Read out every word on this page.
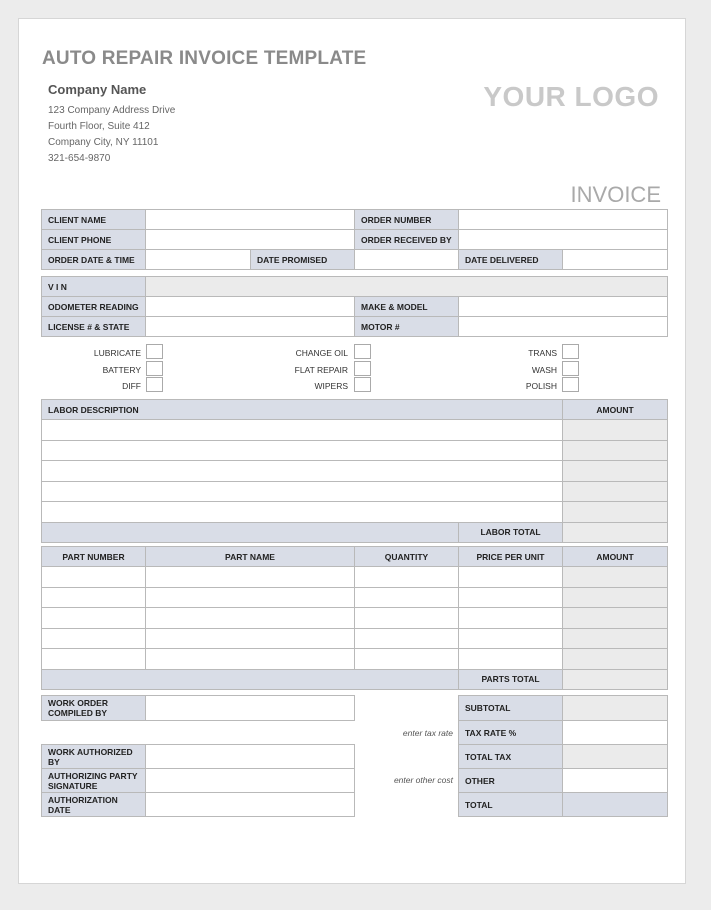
AUTO REPAIR INVOICE TEMPLATE
Company Name
123 Company Address Drive
Fourth Floor, Suite 412
Company City, NY 11101
321-654-9870
YOUR LOGO
INVOICE
CLIENT NAME			ORDER NUMBER		
CLIENT PHONE			ORDER RECEIVED BY		
ORDER DATE & TIME		DATE PROMISED		DATE DELIVERED	
V I N			
ODOMETER READING		MAKE & MODEL	
LICENSE # & STATE		MOTOR #	
LUBRICATE
BATTERY
DIFF
CHANGE OIL
FLAT REPAIR
WIPERS
TRANS
WASH
POLISH
LABOR DESCRIPTION		AMOUNT

	LABOR TOTAL	
PART NUMBER	PART NAME	QUANTITY	PRICE PER UNIT	AMOUNT

			PARTS TOTAL	
WORK ORDER COMPILED BY	
WORK AUTHORIZED BY	
AUTHORIZING PARTY SIGNATURE	
AUTHORIZATION DATE	
enter tax rate
enter other cost
SUBTOTAL	
TAX RATE %	
TOTAL TAX	
OTHER	
TOTAL	
